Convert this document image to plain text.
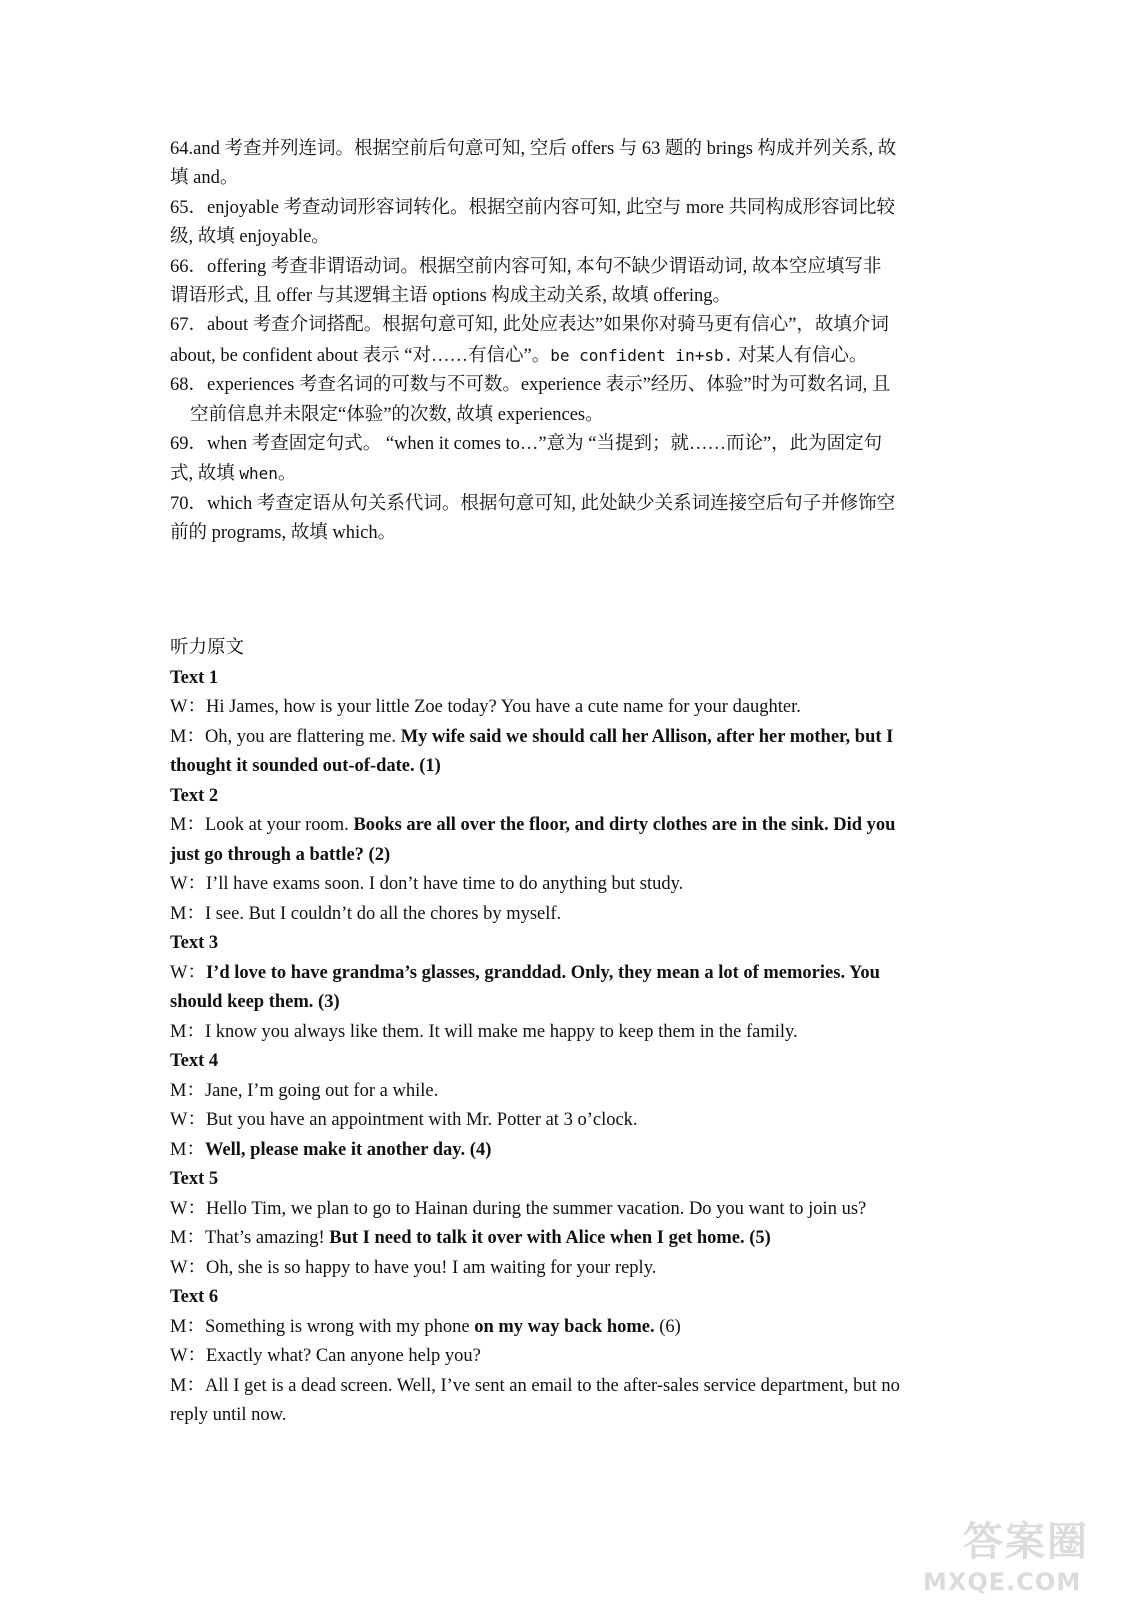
64.and 考查并列连词。根据空前后句意可知, 空后 offers 与 63 题的 brings 构成并列关系, 故

填 and。

65．enjoyable 考查动词形容词转化。根据空前内容可知, 此空与 more 共同构成形容词比较

级, 故填 enjoyable。

66．offering 考查非谓语动词。根据空前内容可知, 本句不缺少谓语动词, 故本空应填写非

谓语形式, 且 offer 与其逻辑主语 options 构成主动关系, 故填 offering。

67．about 考查介词搭配。根据句意可知, 此处应表达”如果你对骑马更有信心”，故填介词

about, be confident about 表示 “对……有信心”。be confident in+sb. 对某人有信心。

68．experiences 考查名词的可数与不可数。experience 表示”经历、体验”时为可数名词, 且

空前信息并未限定“体验”的次数, 故填 experiences。

69．when 考查固定句式。 “when it comes to…”意为 “当提到；就……而论”，此为固定句

式, 故填 when。

70．which 考查定语从句关系代词。根据句意可知, 此处缺少关系词连接空后句子并修饰空

前的 programs, 故填 which。

听力原文

Text 1

W：Hi James, how is your little Zoe today? You have a cute name for your daughter.

M：Oh, you are flattering me. My wife said we should call her Allison, after her mother, but I

thought it sounded out-of-date. (1)

Text 2

M：Look at your room. Books are all over the floor, and dirty clothes are in the sink. Did you

just go through a battle? (2)

W：I’ll have exams soon. I don’t have time to do anything but study.

M：I see. But I couldn’t do all the chores by myself.

Text 3

W：I’d love to have grandma’s glasses, granddad. Only, they mean a lot of memories. You

should keep them. (3)

M：I know you always like them. It will make me happy to keep them in the family.

Text 4

M：Jane, I’m going out for a while.

W：But you have an appointment with Mr. Potter at 3 o’clock.

M：Well, please make it another day. (4)

Text 5

W：Hello Tim, we plan to go to Hainan during the summer vacation. Do you want to join us?

M：That’s amazing! But I need to talk it over with Alice when I get home. (5)

W：Oh, she is so happy to have you! I am waiting for your reply.

Text 6

M：Something is wrong with my phone on my way back home. (6)

W：Exactly what? Can anyone help you?

M：All I get is a dead screen. Well, I’ve sent an email to the after-sales service department, but no

reply until now.

答案圈
MXQE.COM
